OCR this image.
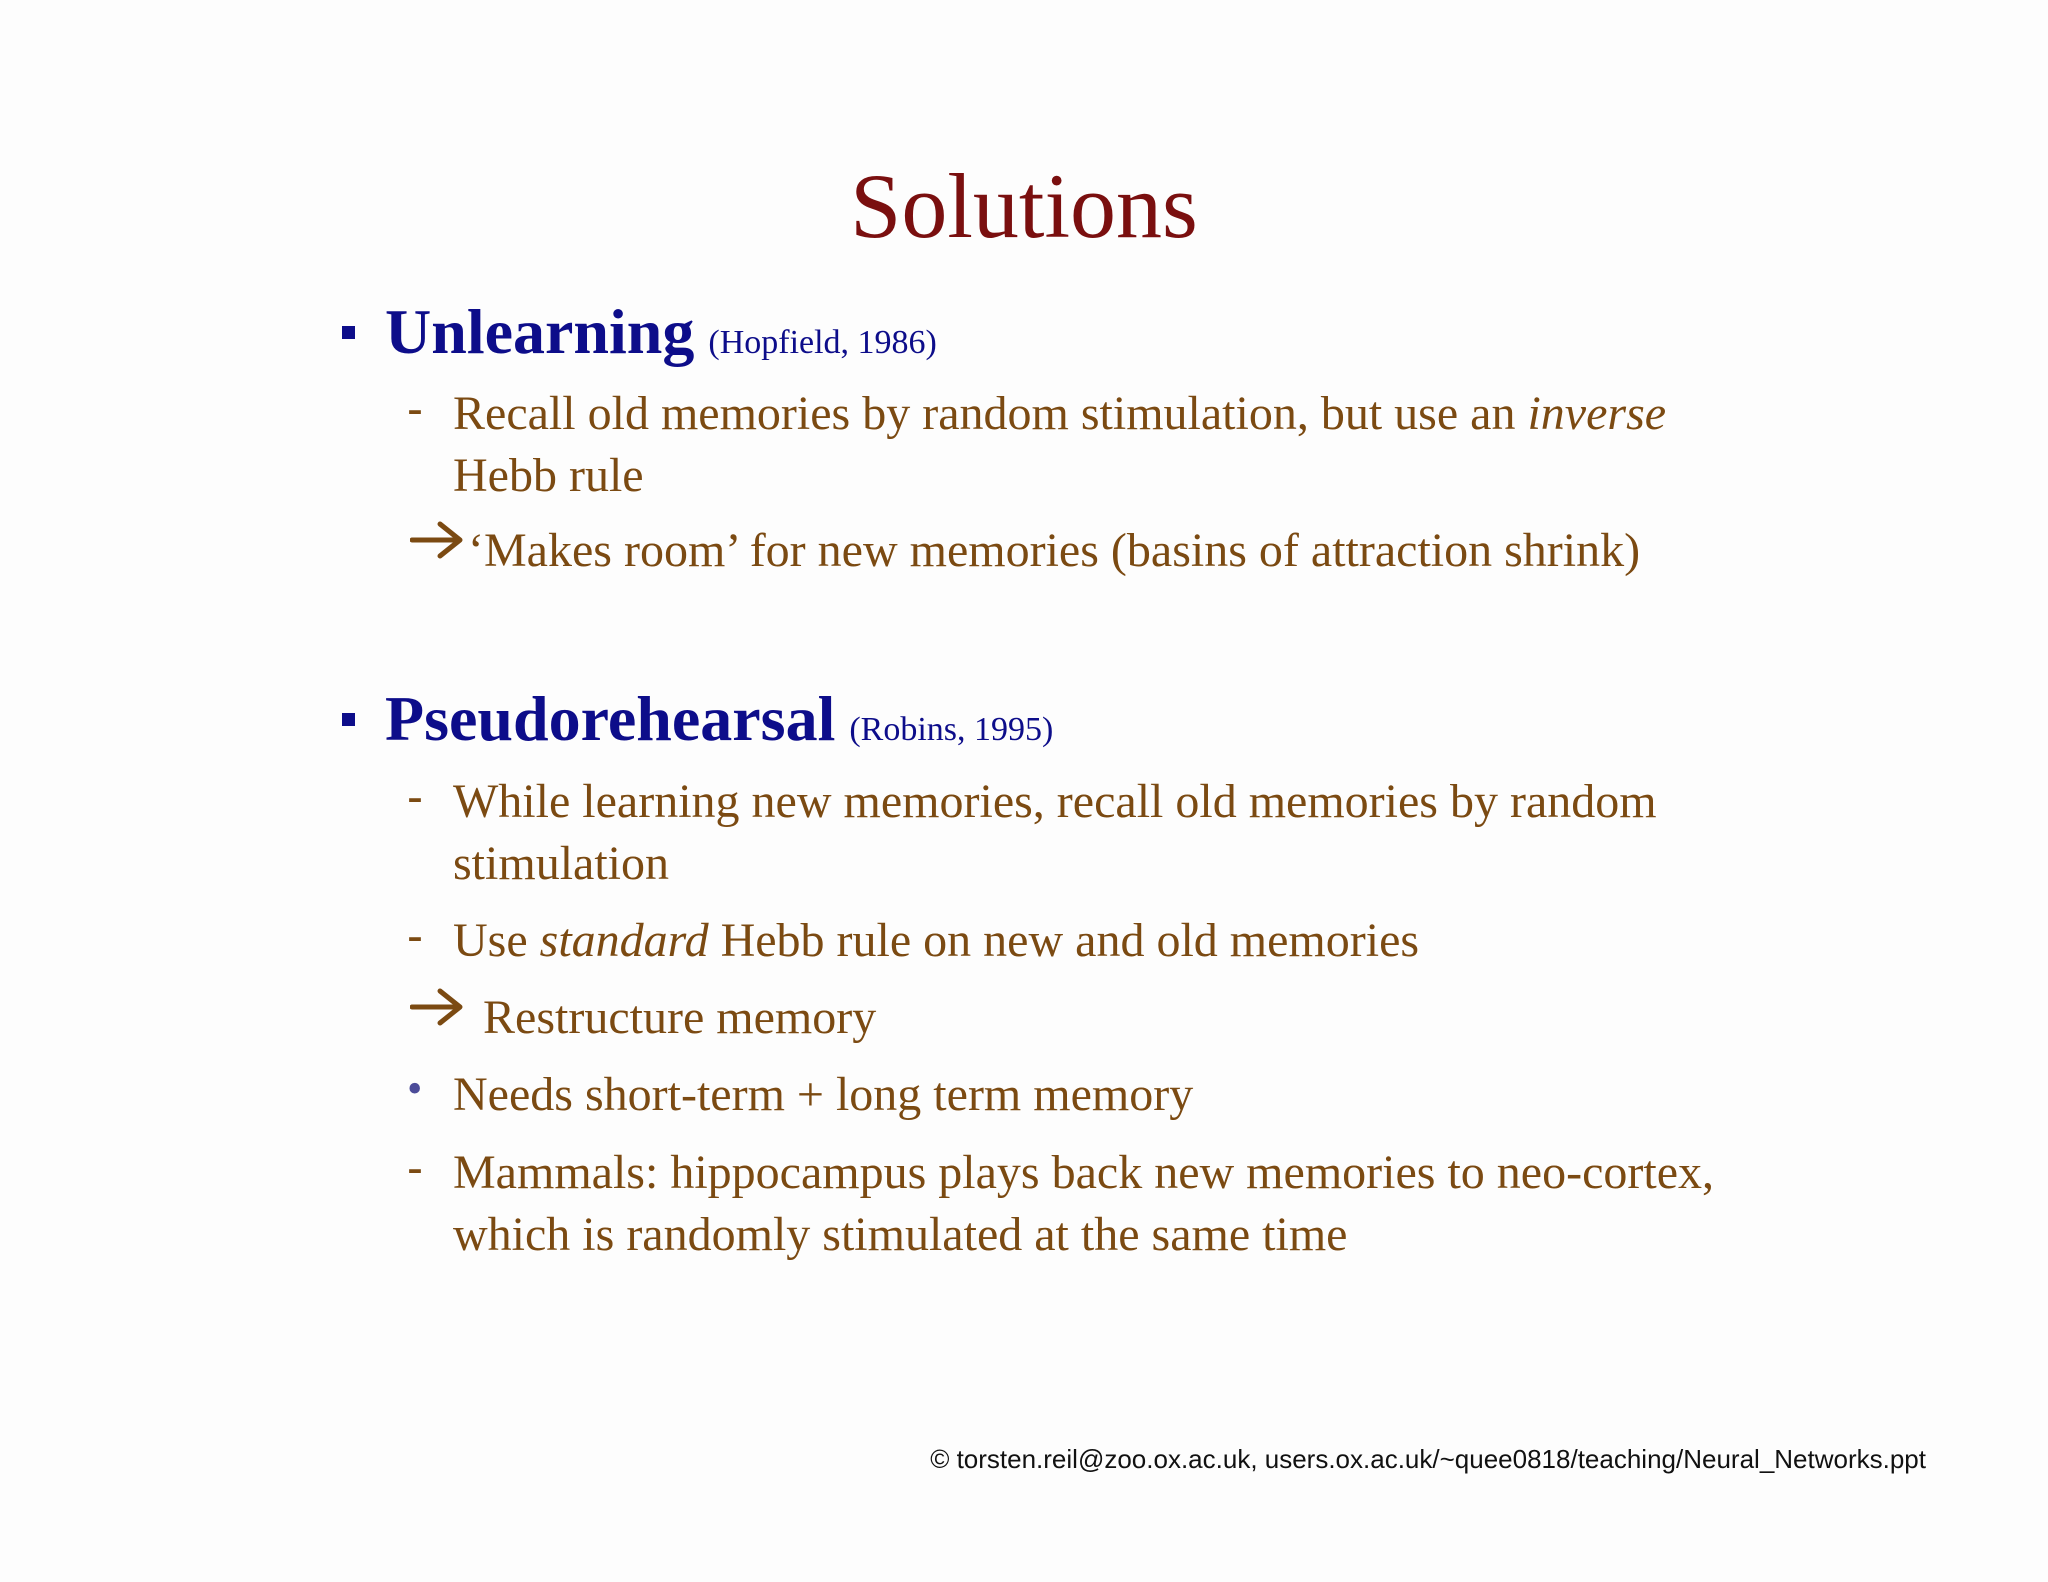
Solutions
Unlearning (Hopfield, 1986)
- Recall old memories by random stimulation, but use an inverse
Hebb rule
‘Makes room’ for new memories (basins of attraction shrink)
Pseudorehearsal (Robins, 1995)
- While learning new memories, recall old memories by random
stimulation
- Use standard Hebb rule on new and old memories
Restructure memory
• Needs short-term + long term memory
- Mammals: hippocampus plays back new memories to neo-cortex,
which is randomly stimulated at the same time
© torsten.reil@zoo.ox.ac.uk, users.ox.ac.uk/~quee0818/teaching/Neural_Networks.ppt
